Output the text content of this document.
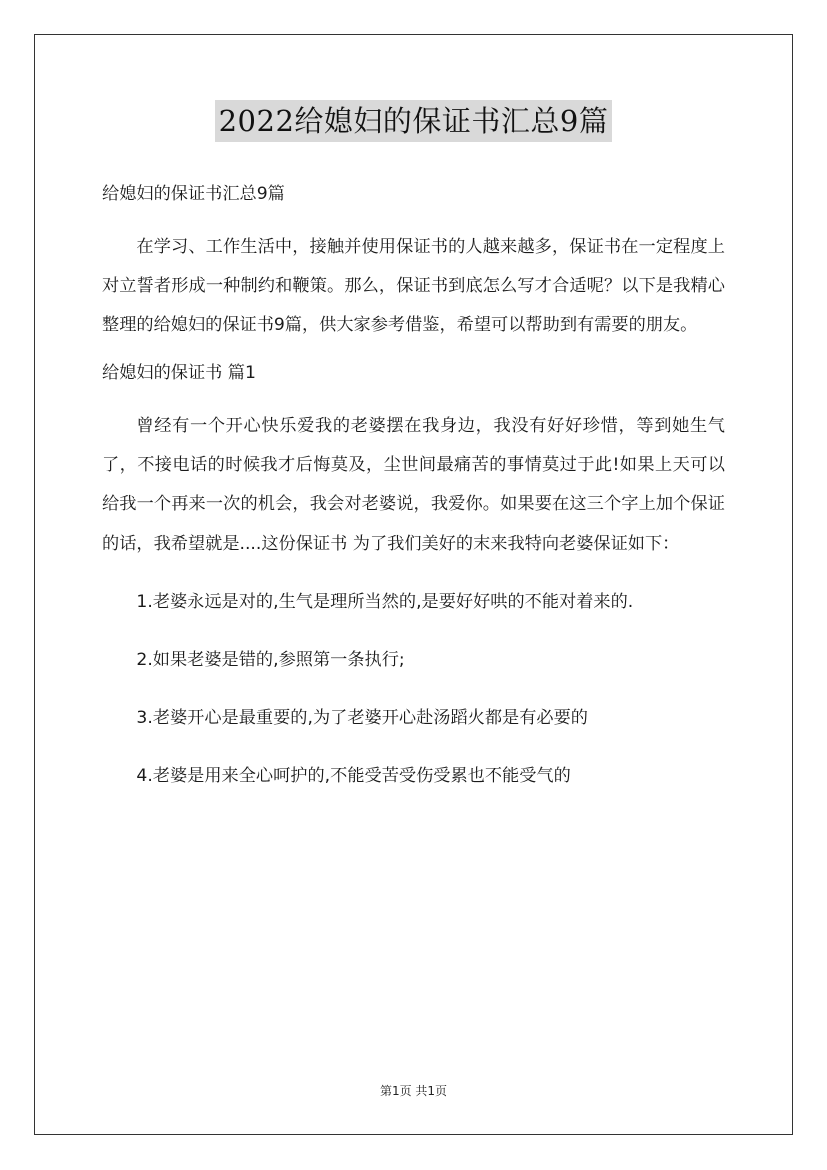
2022给媳妇的保证书汇总9篇

给媳妇的保证书汇总9篇

在学习、工作生活中，接触并使用保证书的人越来越多，保证书在一定程度上对立誓者形成一种制约和鞭策。那么，保证书到底怎么写才合适呢？以下是我精心整理的给媳妇的保证书9篇，供大家参考借鉴，希望可以帮助到有需要的朋友。

给媳妇的保证书 篇1

曾经有一个开心快乐爱我的老婆摆在我身边，我没有好好珍惜，等到她生气了，不接电话的时候我才后悔莫及，尘世间最痛苦的事情莫过于此!如果上天可以给我一个再来一次的机会，我会对老婆说，我爱你。如果要在这三个字上加个保证的话，我希望就是....这份保证书 为了我们美好的末来我特向老婆保证如下：

1.老婆永远是对的,生气是理所当然的,是要好好哄的不能对着来的.

2.如果老婆是错的,参照第一条执行;

3.老婆开心是最重要的,为了老婆开心赴汤蹈火都是有必要的

4.老婆是用来全心呵护的,不能受苦受伤受累也不能受气的

第1页 共1页
